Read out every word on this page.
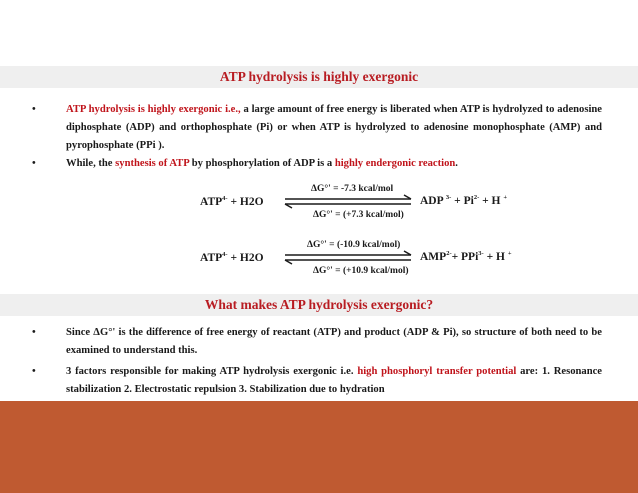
ATP hydrolysis is highly exergonic
•	ATP hydrolysis is highly exergonic i.e., a large amount of free energy is liberated when ATP is hydrolyzed to adenosine diphosphate (ADP) and orthophosphate (Pi) or when ATP is hydrolyzed to adenosine monophosphate (AMP) and pyrophosphate (PPi ).
•	While, the synthesis of ATP by phosphorylation of ADP is a highly endergonic reaction.
$ATP^{4-} + H2O$
ΔG°' = -7.3 kcal/mol
ΔG°' = (+7.3 kcal/mol)
ADP $^{3-} + Pi^{2-} + H$ +
$ATP^{4-} + H2O$
ΔG°' = (-10.9 kcal/mol)
ΔG°' = (+10.9 kcal/mol)
$AMP^{2-}+ PPi^{3-} + H$ +
What makes ATP hydrolysis exergonic?
•	Since ΔG°' is the difference of free energy of reactant (ATP) and product (ADP & Pi), so structure of both need to be examined to understand this.
•	3 factors responsible for making ATP hydrolysis exergonic i.e. high phosphoryl transfer potential are: 1. Resonance stabilization 2. Electrostatic repulsion 3. Stabilization due to hydration
